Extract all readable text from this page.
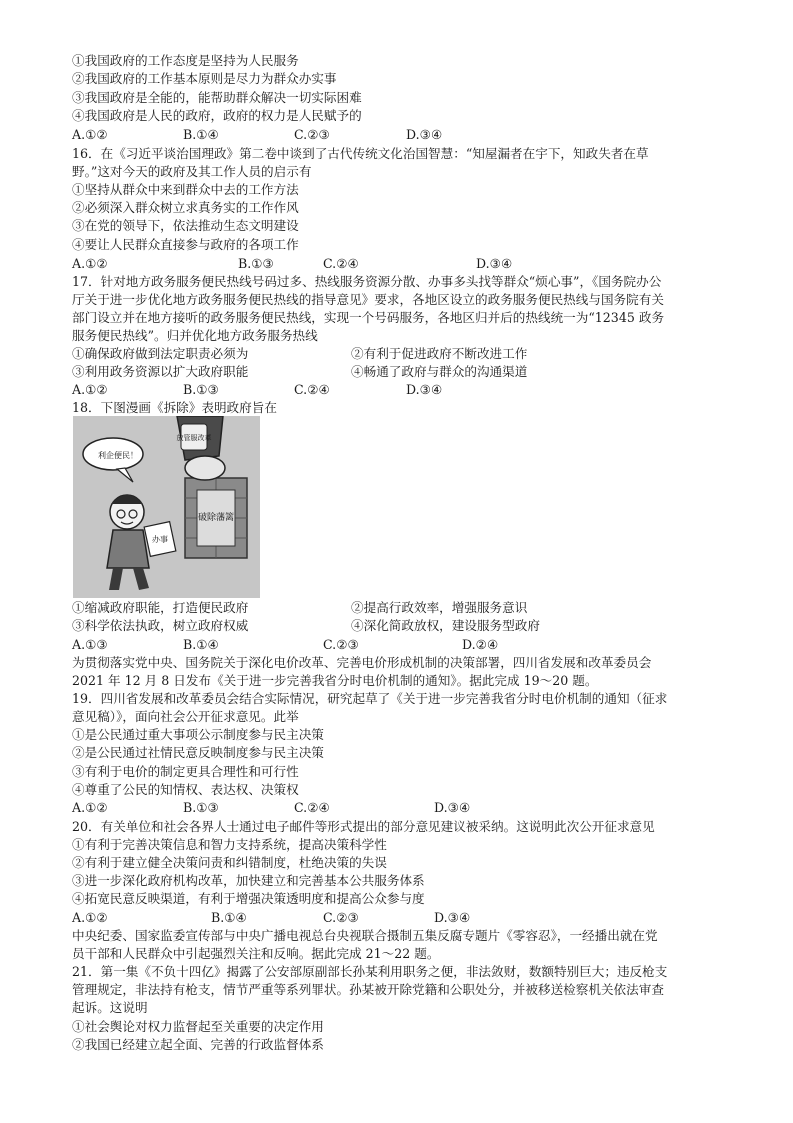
①我国政府的工作态度是坚持为人民服务
②我国政府的工作基本原则是尽力为群众办实事
③我国政府是全能的，能帮助群众解决一切实际困难
④我国政府是人民的政府，政府的权力是人民赋予的
A.①②	B.①④	C.②③	D.③④
16．在《习近平谈治国理政》第二卷中谈到了古代传统文化治国智慧：“知屋漏者在宇下，知政失者在草
野。”这对今天的政府及其工作人员的启示有
①坚持从群众中来到群众中去的工作方法
②必须深入群众树立求真务实的工作作风
③在党的领导下，依法推动生态文明建设
④要让人民群众直接参与政府的各项工作
A.①②	B.①③	C.②④	D.③④
17．针对地方政务服务便民热线号码过多、热线服务资源分散、办事多头找等群众“烦心事”，《国务院办公
厅关于进一步优化地方政务服务便民热线的指导意见》要求，各地区设立的政务服务便民热线与国务院有关
部门设立并在地方接听的政务服务便民热线，实现一个号码服务，各地区归并后的热线统一为“12345 政务
服务便民热线”。归并优化地方政务服务热线
①确保政府做到法定职责必须为	②有利于促进政府不断改进工作
③利用政务资源以扩大政府职能	④畅通了政府与群众的沟通渠道
A.①②	B.①③	C.②④	D.③④
18．下图漫画《拆除》表明政府旨在
利企便民！
放管服改革
破除藩篱
办事
①缩减政府职能，打造便民政府	②提高行政效率，增强服务意识
③科学依法执政，树立政府权威	④深化简政放权，建设服务型政府
A.①③	B.①④	C.②③	D.②④
为贯彻落实党中央、国务院关于深化电价改革、完善电价形成机制的决策部署，四川省发展和改革委员会
2021 年 12 月 8 日发布《关于进一步完善我省分时电价机制的通知》。据此完成 19～20 题。
19．四川省发展和改革委员会结合实际情况，研究起草了《关于进一步完善我省分时电价机制的通知（征求
意见稿）》，面向社会公开征求意见。此举
①是公民通过重大事项公示制度参与民主决策
②是公民通过社情民意反映制度参与民主决策
③有利于电价的制定更具合理性和可行性
④尊重了公民的知情权、表达权、决策权
A.①②	B.①③	C.②④	D.③④
20．有关单位和社会各界人士通过电子邮件等形式提出的部分意见建议被采纳。这说明此次公开征求意见
①有利于完善决策信息和智力支持系统，提高决策科学性
②有利于建立健全决策问责和纠错制度，杜绝决策的失误
③进一步深化政府机构改革，加快建立和完善基本公共服务体系
④拓宽民意反映渠道，有利于增强决策透明度和提高公众参与度
A.①②	B.①④	C.②③	D.③④
中央纪委、国家监委宣传部与中央广播电视总台央视联合摄制五集反腐专题片《零容忍》，一经播出就在党
员干部和人民群众中引起强烈关注和反响。据此完成 21～22 题。
21．第一集《不负十四亿》揭露了公安部原副部长孙某利用职务之便，非法敛财，数额特别巨大；违反枪支
管理规定，非法持有枪支，情节严重等系列罪状。孙某被开除党籍和公职处分，并被移送检察机关依法审查
起诉。这说明
①社会舆论对权力监督起至关重要的决定作用
②我国已经建立起全面、完善的行政监督体系
